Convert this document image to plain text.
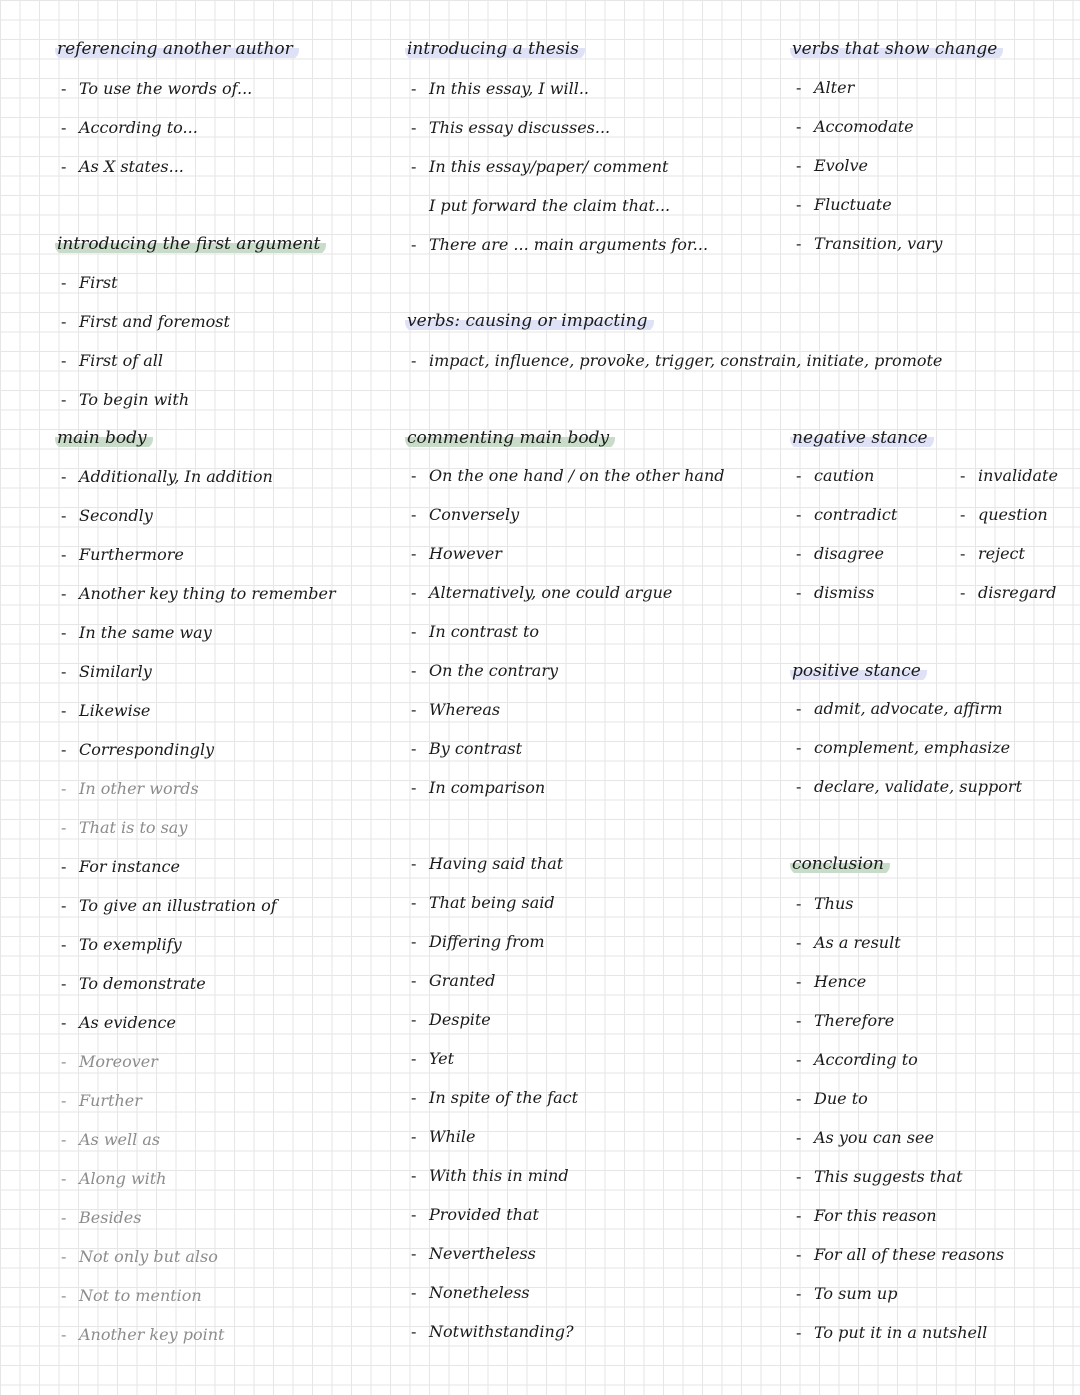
referencing another author
- To use the words of...
- According to...
- As X states...
introducing the first argument
- First
- First and foremost
- First of all
- To begin with
main body
- Additionally, In addition
- Secondly
- Furthermore
- Another key thing to remember
- In the same way
- Similarly
- Likewise
- Correspondingly
- In other words
- That is to say
- For instance
- To give an illustration of
- To exemplify
- To demonstrate
- As evidence
- Moreover
- Further
- As well as
- Along with
- Besides
- Not only but also
- Not to mention
- Another key point
introducing a thesis
- In this essay, I will..
- This essay discusses...
- In this essay/paper/ comment
I put forward the claim that...
- There are ... main arguments for...
verbs: causing or impacting
- impact, influence, provoke, trigger, constrain, initiate, promote
commenting main body
- On the one hand / on the other hand
- Conversely
- However
- Alternatively, one could argue
- In contrast to
- On the contrary
- Whereas
- By contrast
- In comparison
- Having said that
- That being said
- Differing from
- Granted
- Despite
- Yet
- In spite of the fact
- While
- With this in mind
- Provided that
- Nevertheless
- Nonetheless
- Notwithstanding?
verbs that show change
- Alter
- Accomodate
- Evolve
- Fluctuate
- Transition, vary
negative stance
- caution	- invalidate
- contradict	- question
- disagree	- reject
- dismiss	- disregard
positive stance
- admit, advocate, affirm
- complement, emphasize
- declare, validate, support
conclusion
- Thus
- As a result
- Hence
- Therefore
- According to
- Due to
- As you can see
- This suggests that
- For this reason
- For all of these reasons
- To sum up
- To put it in a nutshell
